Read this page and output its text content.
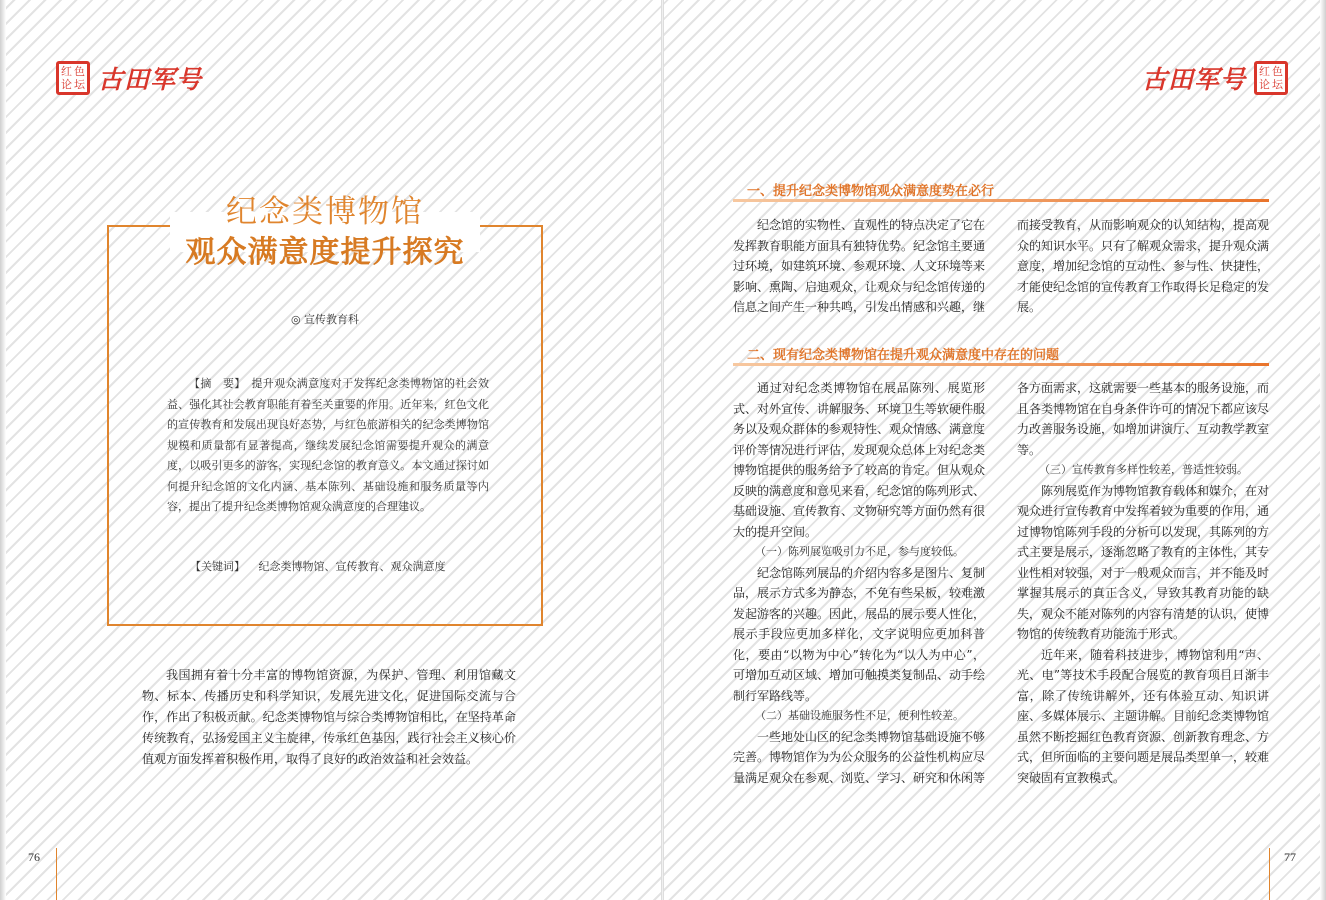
红 色
论 坛 古田军号	古田军号 红 色
论 坛
纪念类博物馆
观众满意度提升探究
◎ 宣传教育科

【摘　要】　提升观众满意度对于发挥纪念类博物馆的社会效益、强化其社会教育职能有着至关重要的作用。近年来，红色文化的宣传教育和发展出现良好态势，与红色旅游相关的纪念类博物馆规模和质量都有显著提高，继续发展纪念馆需要提升观众的满意度，以吸引更多的游客，实现纪念馆的教育意义。本文通过探讨如何提升纪念馆的文化内涵、基本陈列、基础设施和服务质量等内容，提出了提升纪念类博物馆观众满意度的合理建议。

【关键词】 纪念类博物馆、宣传教育、观众满意度

我国拥有着十分丰富的博物馆资源，为保护、管理、利用馆藏文物、标本、传播历史和科学知识，发展先进文化，促进国际交流与合作，作出了积极贡献。纪念类博物馆与综合类博物馆相比，在坚持革命传统教育，弘扬爱国主义主旋律，传承红色基因，践行社会主义核心价值观方面发挥着积极作用，取得了良好的政治效益和社会效益。

一、提升纪念类博物馆观众满意度势在必行

纪念馆的实物性、直观性的特点决定了它在发挥教育职能方面具有独特优势。纪念馆主要通过环境，如建筑环境、参观环境、人文环境等来影响、熏陶、启迪观众，让观众与纪念馆传递的信息之间产生一种共鸣，引发出情感和兴趣，继

而接受教育，从而影响观众的认知结构，提高观众的知识水平。只有了解观众需求，提升观众满意度，增加纪念馆的互动性、参与性、快捷性，才能使纪念馆的宣传教育工作取得长足稳定的发展。

二、现有纪念类博物馆在提升观众满意度中存在的问题

通过对纪念类博物馆在展品陈列、展览形式、对外宣传、讲解服务、环境卫生等软硬件服务以及观众群体的参观特性、观众情感、满意度评价等情况进行评估，发现观众总体上对纪念类博物馆提供的服务给予了较高的肯定。但从观众反映的满意度和意见来看，纪念馆的陈列形式、基础设施、宣传教育、文物研究等方面仍然有很大的提升空间。

（一）陈列展览吸引力不足，参与度较低。

纪念馆陈列展品的介绍内容多是图片、复制品，展示方式多为静态，不免有些呆板，较难激发起游客的兴趣。因此，展品的展示要人性化，展示手段应更加多样化，文字说明应更加科普化，要由“以物为中心”转化为“以人为中心”，可增加互动区域、增加可触摸类复制品、动手绘制行军路线等。

（二）基础设施服务性不足，便利性较差。

一些地处山区的纪念类博物馆基础设施不够完善。博物馆作为为公众服务的公益性机构应尽量满足观众在参观、浏览、学习、研究和休闲等

各方面需求，这就需要一些基本的服务设施，而且各类博物馆在自身条件许可的情况下都应该尽力改善服务设施，如增加讲演厅、互动教学教室等。

（三）宣传教育多样性较差，普适性较弱。

陈列展览作为博物馆教育载体和媒介，在对观众进行宣传教育中发挥着较为重要的作用，通过博物馆陈列手段的分析可以发现，其陈列的方式主要是展示，逐渐忽略了教育的主体性，其专业性相对较强，对于一般观众而言，并不能及时掌握其展示的真正含义，导致其教育功能的缺失，观众不能对陈列的内容有清楚的认识，使博物馆的传统教育功能流于形式。

近年来，随着科技进步，博物馆利用“声、光、电”等技术手段配合展览的教育项目日渐丰富，除了传统讲解外，还有体验互动、知识讲座、多媒体展示、主题讲解。目前纪念类博物馆虽然不断挖掘红色教育资源、创新教育理念、方式，但所面临的主要问题是展品类型单一，较难突破固有宣教模式。

76	77
